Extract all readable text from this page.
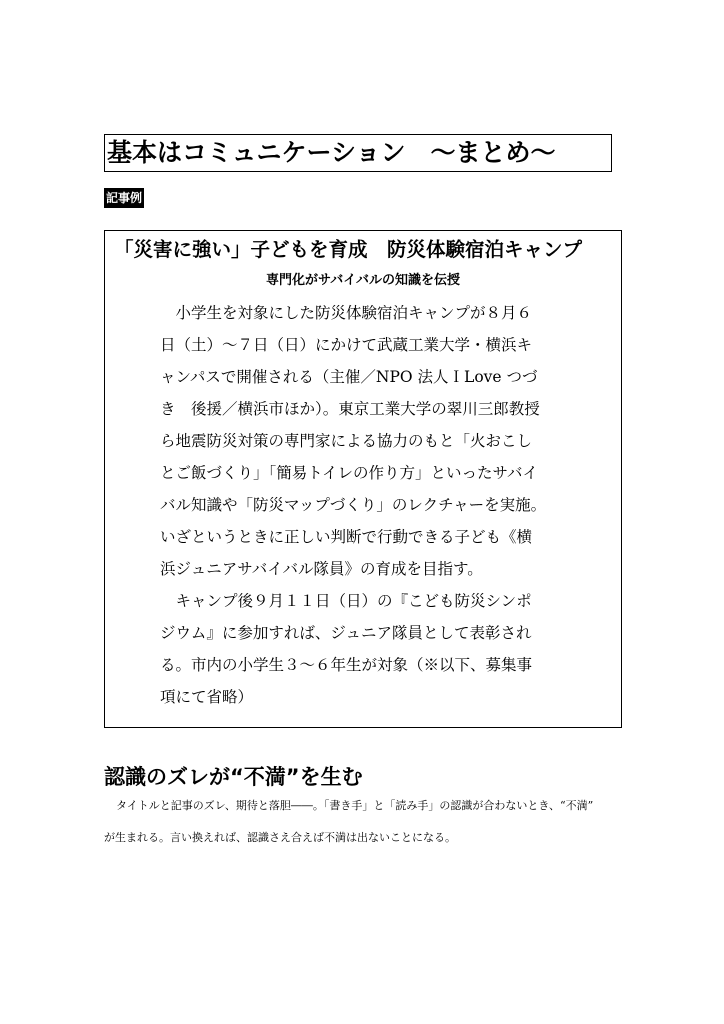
基本はコミュニケーション　～まとめ～
記事例
「災害に強い」子どもを育成　防災体験宿泊キャンプ
専門化がサバイバルの知識を伝授
　小学生を対象にした防災体験宿泊キャンプが８月６
日（土）～７日（日）にかけて武蔵工業大学・横浜キ
ャンパスで開催される（主催／NPO 法人ＩLove つづ
き　後援／横浜市ほか）。東京工業大学の翠川三郎教授
ら地震防災対策の専門家による協力のもと「火おこし
とご飯づくり」「簡易トイレの作り方」といったサバイ
バル知識や「防災マップづくり」のレクチャーを実施。
いざというときに正しい判断で行動できる子ども《横
浜ジュニアサバイバル隊員》の育成を目指す。
　キャンプ後９月１１日（日）の『こども防災シンポ
ジウム』に参加すれば、ジュニア隊員として表彰され
る。市内の小学生３～６年生が対象（※以下、募集事
項にて省略）
認識のズレが“不満”を生む
タイトルと記事のズレ、期待と落胆――。「書き手」と「読み手」の認識が合わないとき、“不満”
が生まれる。言い換えれば、認識さえ合えば不満は出ないことになる。
